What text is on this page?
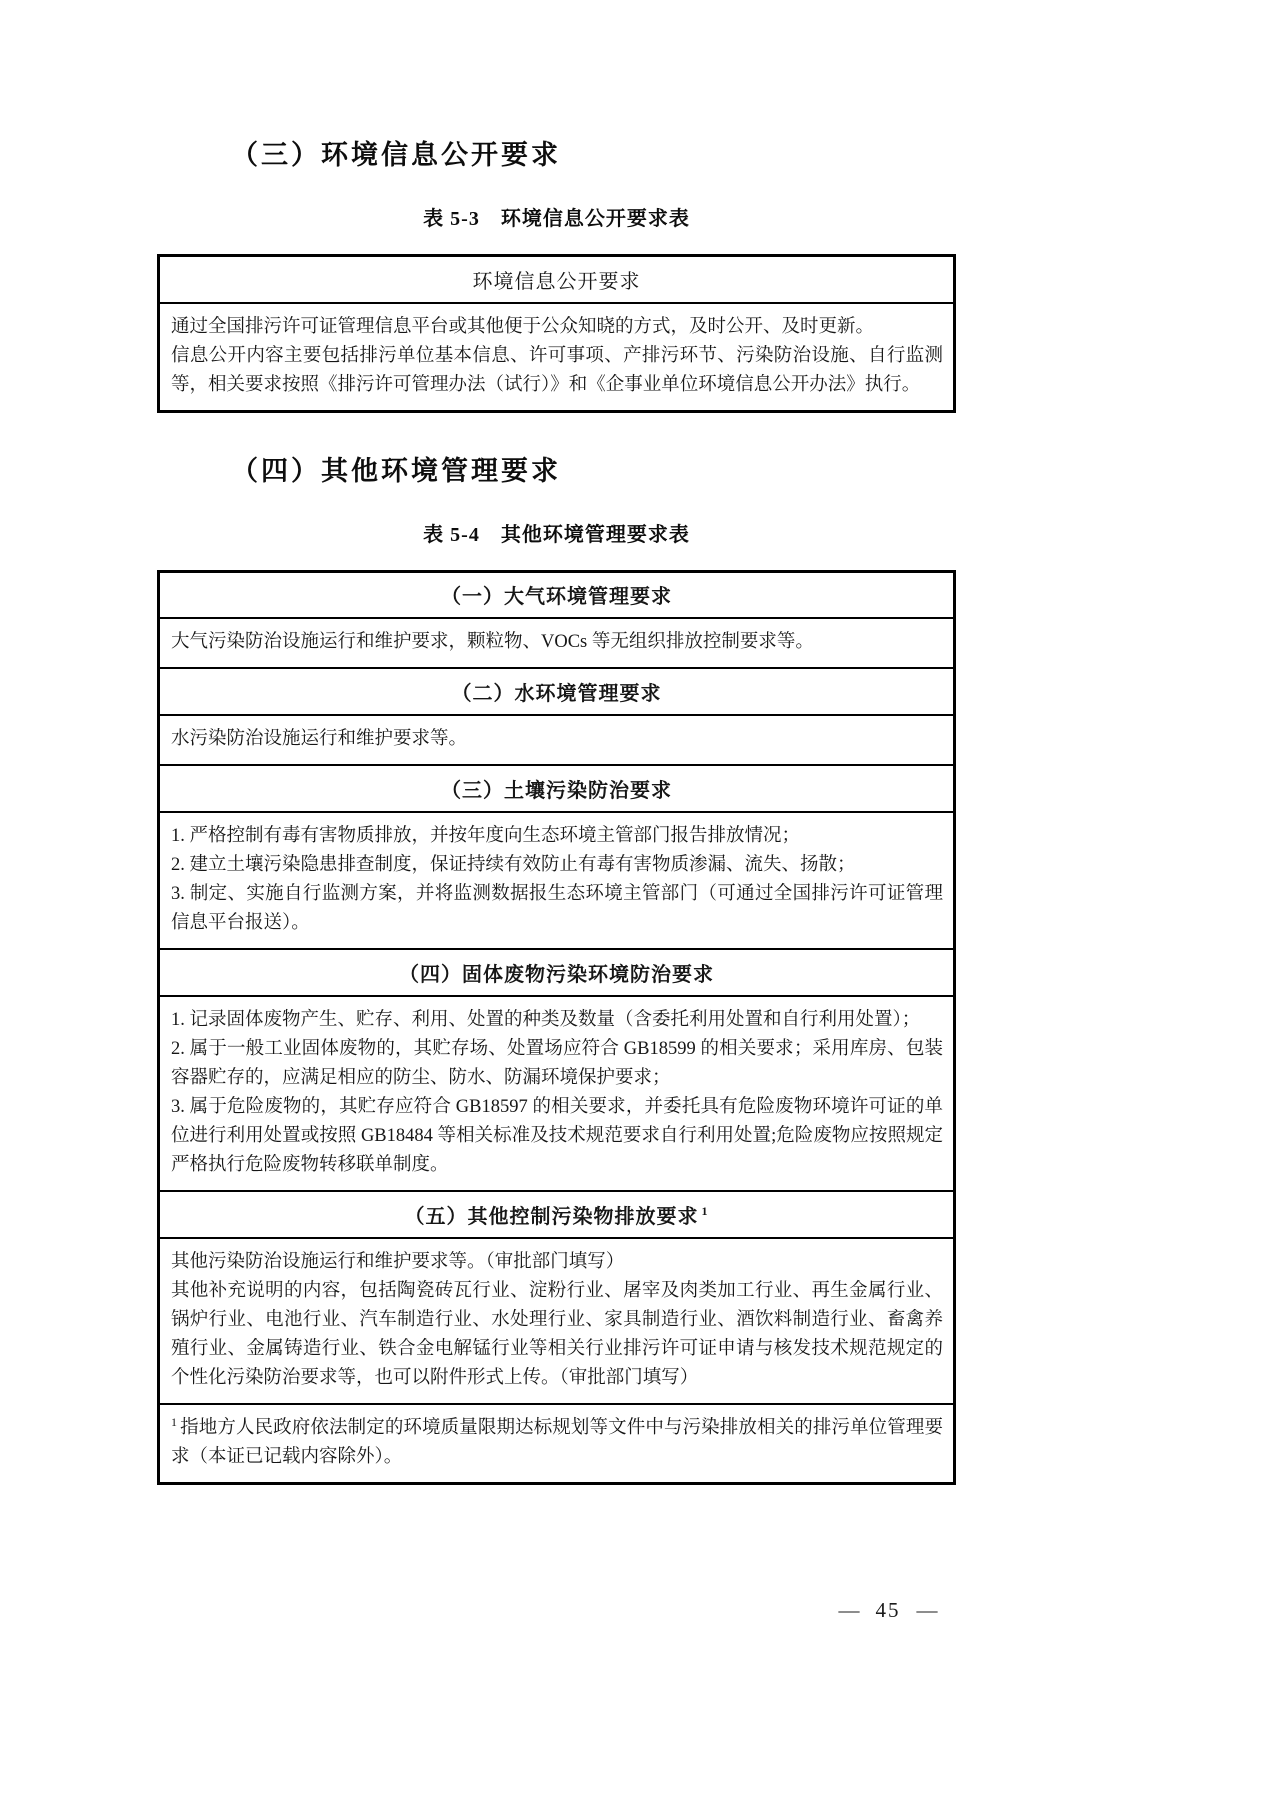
（三）环境信息公开要求
表 5-3　环境信息公开要求表
环境信息公开要求

通过全国排污许可证管理信息平台或其他便于公众知晓的方式，及时公开、及时更新。

信息公开内容主要包括排污单位基本信息、许可事项、产排污环节、污染防治设施、自行监测等，相关要求按照《排污许可管理办法（试行）》和《企事业单位环境信息公开办法》执行。

（四）其他环境管理要求
表 5-4　其他环境管理要求表
（一）大气环境管理要求

大气污染防治设施运行和维护要求，颗粒物、VOCs 等无组织排放控制要求等。

（二）水环境管理要求

水污染防治设施运行和维护要求等。

（三）土壤污染防治要求

1. 严格控制有毒有害物质排放，并按年度向生态环境主管部门报告排放情况；

2. 建立土壤污染隐患排查制度，保证持续有效防止有毒有害物质渗漏、流失、扬散；

3. 制定、实施自行监测方案，并将监测数据报生态环境主管部门（可通过全国排污许可证管理信息平台报送）。

（四）固体废物污染环境防治要求

1. 记录固体废物产生、贮存、利用、处置的种类及数量（含委托利用处置和自行利用处置）；

2. 属于一般工业固体废物的，其贮存场、处置场应符合 GB18599 的相关要求；采用库房、包装容器贮存的，应满足相应的防尘、防水、防漏环境保护要求；

3. 属于危险废物的，其贮存应符合 GB18597 的相关要求，并委托具有危险废物环境许可证的单位进行利用处置或按照 GB18484 等相关标准及技术规范要求自行利用处置;危险废物应按照规定严格执行危险废物转移联单制度。

（五）其他控制污染物排放要求 $^1$

其他污染防治设施运行和维护要求等。（审批部门填写）

其他补充说明的内容，包括陶瓷砖瓦行业、淀粉行业、屠宰及肉类加工行业、再生金属行业、锅炉行业、电池行业、汽车制造行业、水处理行业、家具制造行业、酒饮料制造行业、畜禽养殖行业、金属铸造行业、铁合金电解锰行业等相关行业排污许可证申请与核发技术规范规定的个性化污染防治要求等，也可以附件形式上传。（审批部门填写）

$^1$ 指地方人民政府依法制定的环境质量限期达标规划等文件中与污染排放相关的排污单位管理要求（本证已记载内容除外）。
— 45 —
